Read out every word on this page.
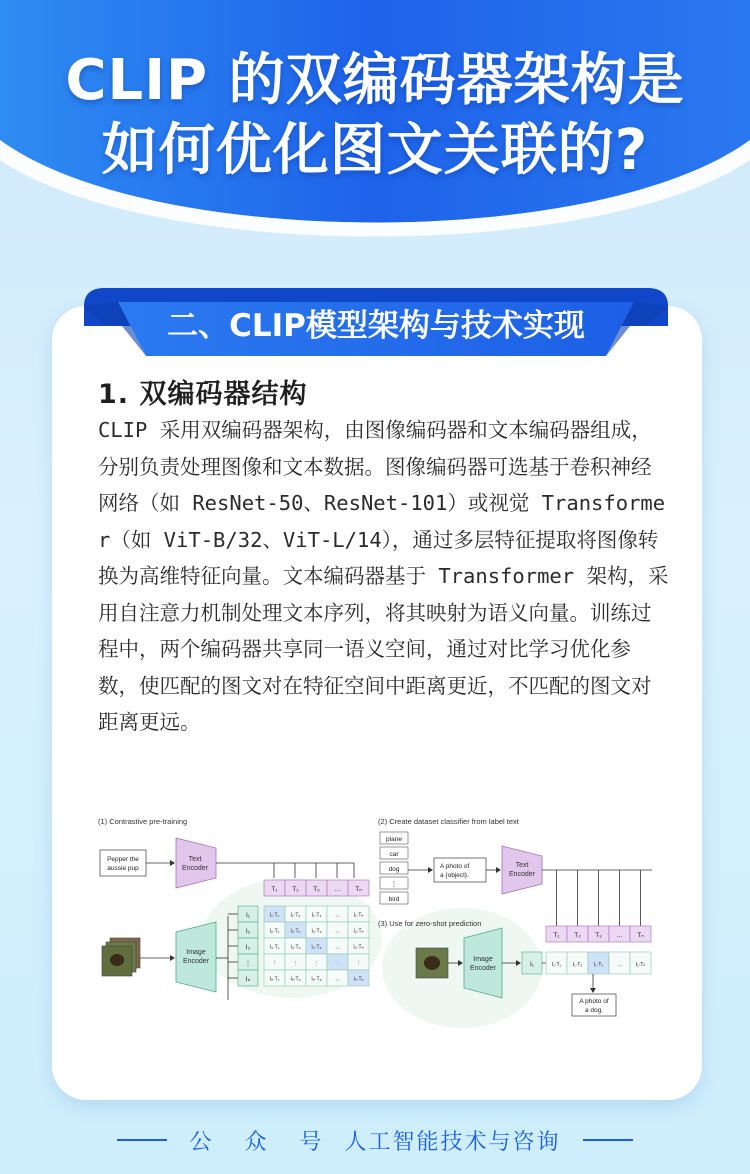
CLIP 的双编码器架构是
如何优化图文关联的?
二、CLIP模型架构与技术实现
1. 双编码器结构
CLIP 采用双编码器架构，由图像编码器和文本编码器组成，分别负责处理图像和文本数据。图像编码器可选基于卷积神经网络（如 ResNet-50、ResNet-101）或视觉 Transformer（如 ViT-B/32、ViT-L/14），通过多层特征提取将图像转换为高维特征向量。文本编码器基于 Transformer 架构，采用自注意力机制处理文本序列，将其映射为语义向量。训练过程中，两个编码器共享同一语义空间，通过对比学习优化参数，使匹配的图文对在特征空间中距离更近，不匹配的图文对距离更远。
(1) Contrastive pre-training	(2) Create dataset classifier from label text
(3) Use for zero-shot prediction
Pepper the
aussie pup
Text
Encoder
T₁ T₂ T₃ ... Tₙ
Image
Encoder
I₁
I₂
I₃
⋮
Iₙ
I₁·T₁ I₁·T₂ I₁·T₃	...	I₁·Tₙ
I₂·T₁ I₂·T₂ I₂·T₃	...	I₂·Tₙ
I₃·T₁ I₃·T₂ I₃·T₃	...	I₃·Tₙ
⋮	⋮	⋮	⋱	⋮
Iₙ·T₁ Iₙ·T₂ Iₙ·T₃	...	Iₙ·Tₙ
plane
car
dog
⋮
bird
A photo of
a {object}.
Text
Encoder
T₁ T₂ T₃ ... Tₙ
Image
Encoder
I₁	I₁·T₁ I₁·T₂ I₁·T₃	...	I₁·Tₙ
A photo of
a dog.
公众号
人工智能技术与咨询
